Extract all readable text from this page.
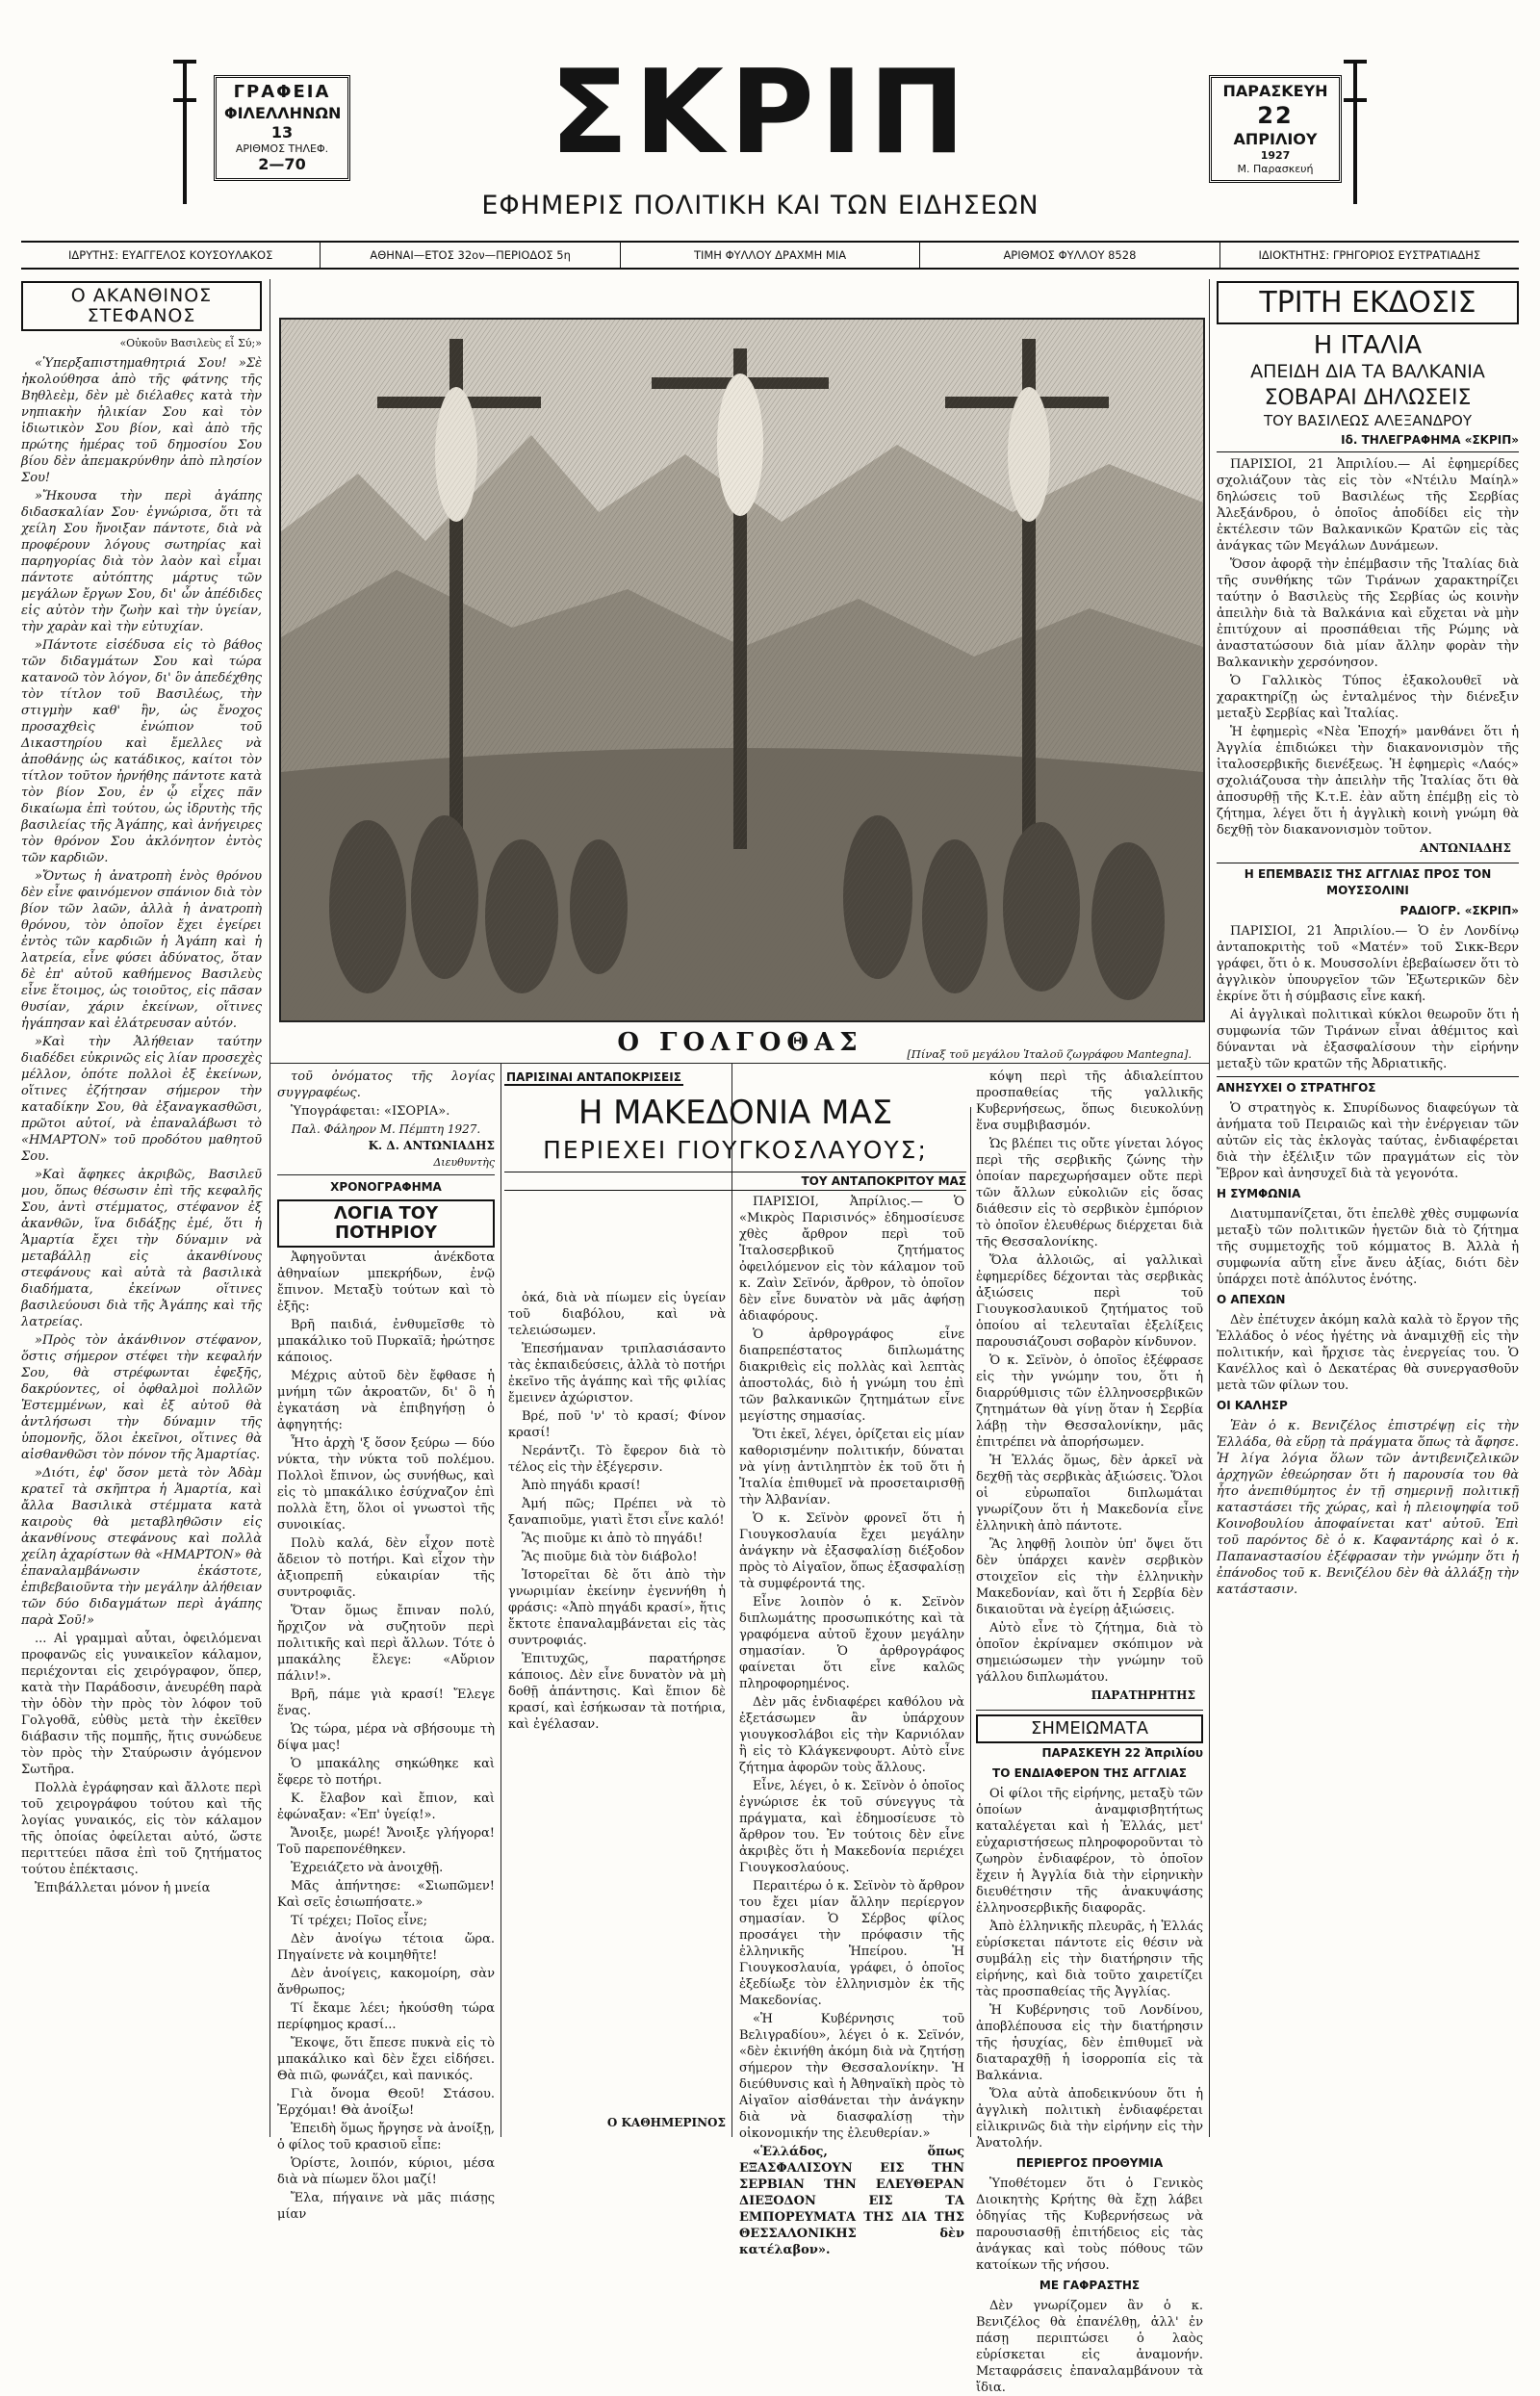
ΓΡΑΦΕΙΑ
ΦΙΛΕΛΛΗΝΩΝ 13
ΑΡΙΘΜΟΣ ΤΗΛΕΦ.
2—70	ΣΚΡΙΠ
ΕΦΗΜΕΡΙΣ ΠΟΛΙΤΙΚΗ ΚΑΙ ΤΩΝ ΕΙΔΗΣΕΩΝ
ΠΑΡΑΣΚΕΥΗ
22
ΑΠΡΙΛΙΟΥ
1927
Μ. Παρασκευή
ΙΔΡΥΤΗΣ: ΕΥΑΓΓΕΛΟΣ ΚΟΥΣΟΥΛΑΚΟΣ	ΑΘΗΝΑΙ—ΕΤΟΣ 32ον—ΠΕΡΙΟΔΟΣ 5η	ΤΙΜΗ ΦΥΛΛΟΥ ΔΡΑΧΜΗ ΜΙΑ	ΑΡΙΘΜΟΣ ΦΥΛΛΟΥ 8528	ΙΔΙΟΚΤΗΤΗΣ: ΓΡΗΓΟΡΙΟΣ ΕΥΣΤΡΑΤΙΑΔΗΣ
Ο ΑΚΑΝΘΙΝΟΣ ΣΤΕΦΑΝΟΣ
«Οὐκοῦν Βασιλεὺς εἶ Σύ;»

«Ὑπερξαπιστημαθητριά Σου! »Σὲ ἠκολούθησα ἀπὸ τῆς φάτνης τῆς Βηθλεὲμ, δὲν μὲ διέλαθες κατὰ τὴν νηπιακὴν ἡλικίαν Σου καὶ τὸν ἰδιωτικὸν Σου βίον, καὶ ἀπὸ τῆς πρώτης ἡμέρας τοῦ δημοσίου Σου βίου δὲν ἀπεμακρύνθην ἀπὸ πλησίον Σου!

»Ἤκουσα τὴν περὶ ἀγάπης διδασκαλίαν Σου· ἐγνώρισα, ὅτι τὰ χείλη Σου ἤνοιξαν πάντοτε, διὰ νὰ προφέρουν λόγους σωτηρίας καὶ παρηγορίας διὰ τὸν λαὸν καὶ εἶμαι πάντοτε αὐτόπτης μάρτυς τῶν μεγάλων ἔργων Σου, δι' ὧν ἀπέδιδες εἰς αὐτὸν τὴν ζωὴν καὶ τὴν ὑγείαν, τὴν χαρὰν καὶ τὴν εὐτυχίαν.

»Πάντοτε εἰσέδυσα εἰς τὸ βάθος τῶν διδαγμάτων Σου καὶ τώρα κατανοῶ τὸν λόγον, δι' ὃν ἀπεδέχθης τὸν τίτλον τοῦ Βασιλέως, τὴν στιγμὴν καθ' ἣν, ὡς ἔνοχος προσαχθεὶς ἐνώπιον τοῦ Δικαστηρίου καὶ ἔμελλες νὰ ἀποθάνῃς ὡς κατάδικος, καίτοι τὸν τίτλον τοῦτον ἠρνήθης πάντοτε κατὰ τὸν βίον Σου, ἐν ᾧ εἶχες πᾶν δικαίωμα ἐπὶ τούτου, ὡς ἱδρυτὴς τῆς βασιλείας τῆς Ἀγάπης, καὶ ἀνήγειρες τὸν θρόνον Σου ἀκλόνητον ἐντὸς τῶν καρδιῶν.

»Ὄντως ἡ ἀνατροπὴ ἑνὸς θρόνου δὲν εἶνε φαινόμενον σπάνιον διὰ τὸν βίον τῶν λαῶν, ἀλλὰ ἡ ἀνατροπὴ θρόνου, τὸν ὁποῖον ἔχει ἐγείρει ἐντὸς τῶν καρδιῶν ἡ Ἀγάπη καὶ ἡ λατρεία, εἶνε φύσει ἀδύνατος, ὅταν δὲ ἐπ' αὐτοῦ καθήμενος Βασιλεὺς εἶνε ἕτοιμος, ὡς τοιοῦτος, εἰς πᾶσαν θυσίαν, χάριν ἐκείνων, οἵτινες ἠγάπησαν καὶ ἐλάτρευσαν αὐτόν.

»Καὶ τὴν Ἀλήθειαν ταύτην διαδέδει εὐκρινῶς εἰς λίαν προσεχὲς μέλλον, ὁπότε πολλοὶ ἐξ ἐκείνων, οἵτινες ἐζήτησαν σήμερον τὴν καταδίκην Σου, θὰ ἐξαναγκασθῶσι, πρῶτοι αὐτοί, νὰ ἐπαναλάβωσι τὸ «ΗΜΑΡΤΟΝ» τοῦ προδότου μαθητοῦ Σου.

»Καὶ ἄφηκες ἀκριβῶς, Βασιλεῦ μου, ὅπως θέσωσιν ἐπὶ τῆς κεφαλῆς Σου, ἀντὶ στέμματος, στέφανον ἐξ ἀκανθῶν, ἵνα διδάξῃς ἐμέ, ὅτι ἡ Ἁμαρτία ἔχει τὴν δύναμιν νὰ μεταβάλλῃ εἰς ἀκανθίνους στεφάνους καὶ αὐτὰ τὰ βασιλικὰ διαδήματα, ἐκείνων οἵτινες βασιλεύουσι διὰ τῆς Ἀγάπης καὶ τῆς λατρείας.

»Πρὸς τὸν ἀκάνθινον στέφανον, ὅστις σήμερον στέφει τὴν κεφαλήν Σου, θὰ στρέφωνται ἐφεξῆς, δακρύοντες, οἱ ὀφθαλμοὶ πολλῶν Ἐστεμμένων, καὶ ἐξ αὐτοῦ θὰ ἀντλήσωσι τὴν δύναμιν τῆς ὑπομονῆς, ὅλοι ἐκεῖνοι, οἵτινες θὰ αἰσθανθῶσι τὸν πόνον τῆς Ἁμαρτίας.

»Διότι, ἐφ' ὅσον μετὰ τὸν Ἀδὰμ κρατεῖ τὰ σκῆπτρα ἡ Ἁμαρτία, καὶ ἄλλα Βασιλικὰ στέμματα κατὰ καιροὺς θὰ μεταβληθῶσιν εἰς ἀκανθίνους στεφάνους καὶ πολλὰ χείλη ἀχαρίστων θὰ «ΗΜΑΡΤΟΝ» θὰ ἐπαναλαμβάνωσιν ἑκάστοτε, ἐπιβεβαιοῦντα τὴν μεγάλην ἀλήθειαν τῶν δύο διδαγμάτων περὶ ἀγάπης παρὰ Σοῦ!»

... Αἱ γραμμαὶ αὗται, ὀφειλόμεναι προφανῶς εἰς γυναικεῖον κάλαμον, περιέχονται εἰς χειρόγραφον, ὅπερ, κατὰ τὴν Παράδοσιν, ἀνευρέθη παρὰ τὴν ὁδὸν τὴν πρὸς τὸν λόφον τοῦ Γολγοθᾶ, εὐθὺς μετὰ τὴν ἐκεῖθεν διάβασιν τῆς πομπῆς, ἥτις συνώδευε τὸν πρὸς τὴν Σταύρωσιν ἀγόμενον Σωτῆρα.

Πολλὰ ἐγράφησαν καὶ ἄλλοτε περὶ τοῦ χειρογράφου τούτου καὶ τῆς λογίας γυναικός, εἰς τὸν κάλαμον τῆς ὁποίας ὀφείλεται αὐτό, ὥστε περιττεύει πᾶσα ἐπὶ τοῦ ζητήματος τούτου ἐπέκτασις.

Ἐπιβάλλεται μόνον ἡ μνεία

Ο ΓΟΛΓΟΘΑΣ	[Πίναξ τοῦ μεγάλου Ἰταλοῦ ζωγράφου Mantegna].

τοῦ ὀνόματος τῆς λογίας συγγραφέως.

Ὑπογράφεται: «ΙΣΟΡΙΑ».

Παλ. Φάληρον Μ. Πέμπτη 1927.
Κ. Δ. ΑΝΤΩΝΙΑΔΗΣ
Διευθυντὴς
ΧΡΟΝΟΓΡΑΦΗΜΑ
ΛΟΓΙΑ ΤΟΥ ΠΟΤΗΡΙΟΥ

Ἀφηγοῦνται ἀνέκδοτα ἀθηναίων μπεκρήδων, ἐνῷ ἔπινον. Μεταξὺ τούτων καὶ τὸ ἑξῆς:

Βρῆ παιδιά, ἐνθυμεῖσθε τὸ μπακάλικο τοῦ Πυρκαϊᾶ; ἠρώτησε κάποιος.

Μέχρις αὐτοῦ δὲν ἔφθασε ἡ μνήμη τῶν ἀκροατῶν, δι' ὃ ἡ ἐγκατάση νὰ ἐπιβηγήσῃ ὁ ἀφηγητής:

Ἦτο ἀρχὴ 'ξ ὅσον ξεύρω — δύο νύκτα, τὴν νύκτα τοῦ πολέμου. Πολλοὶ ἔπινον, ὡς συνήθως, καὶ εἰς τὸ μπακάλικο ἐσύχναζον ἐπὶ πολλὰ ἔτη, ὅλοι οἱ γνωστοὶ τῆς συνοικίας.

Πολὺ καλά, δὲν εἶχον ποτὲ ἄδειον τὸ ποτήρι. Καὶ εἶχον τὴν ἀξιοπρεπῆ εὐκαιρίαν τῆς συντροφιᾶς.

Ὅταν ὅμως ἔπιναν πολύ, ἤρχιζον νὰ συζητοῦν περὶ πολιτικῆς καὶ περὶ ἄλλων. Τότε ὁ μπακάλης ἔλεγε: «Αὔριον πάλιν!».

Βρῆ, πάμε γιὰ κρασί! Ἔλεγε ἕνας.

Ὡς τώρα, μέρα νὰ σβήσουμε τὴ δίψα μας!

Ὁ μπακάλης σηκώθηκε καὶ ἔφερε τὸ ποτήρι.

Κ. ἔλαβον καὶ ἔπιον, καὶ ἐφώναξαν: «Ἐπ' ὑγείᾳ!».

Ἄνοιξε, μωρέ! Ἄνοιξε γλήγορα! Τοῦ παρεπονέθηκεν.

Ἐχρειάζετο νὰ ἀνοιχθῇ.

Μᾶς ἀπήντησε: «Σιωπῶμεν! Καὶ σεῖς ἐσιωπήσατε.»

Τί τρέχει; Ποῖος εἶνε;

Δὲν ἀνοίγω τέτοια ὥρα. Πηγαίνετε νὰ κοιμηθῆτε!

Δὲν ἀνοίγεις, κακομοίρη, σὰν ἄνθρωπος;

Τί ἔκαμε λέει; ἠκούσθη τώρα περίφημος κρασί...

Ἔκοψε, ὅτι ἔπεσε πυκνὰ εἰς τὸ μπακάλικο καὶ δὲν ἔχει εἰδήσει. Θὰ πιῶ, φωνάζει, καὶ πανικός.

Γιὰ ὄνομα Θεοῦ! Στάσου. Ἐρχόμαι! Θὰ ἀνοίξω!

Ἐπειδὴ ὅμως ἤργησε νὰ ἀνοίξῃ, ὁ φίλος τοῦ κρασιοῦ εἶπε:

Ὁρίστε, λοιπόν, κύριοι, μέσα διὰ νὰ πίωμεν ὅλοι μαζί!

Ἔλα, πήγαινε νὰ μᾶς πιάσῃς μίαν

ὀκά, διὰ νὰ πίωμεν εἰς ὑγείαν τοῦ διαβόλου, καὶ νὰ τελειώσωμεν.

Ἐπεσήμαναν τριπλασιάσαντο τὰς ἐκπαιδεύσεις, ἀλλὰ τὸ ποτήρι ἐκεῖνο τῆς ἀγάπης καὶ τῆς φιλίας ἔμεινεν ἀχώριστον.

Βρέ, ποῦ 'ν' τὸ κρασί; Φίνον κρασί!

Νεράντζι. Τὸ ἔφερον διὰ τὸ τέλος εἰς τὴν ἐξέγερσιν.

Ἀπὸ πηγάδι κρασί!

Ἀμή πῶς; Πρέπει νὰ τὸ ξαναπιοῦμε, γιατὶ ἔτσι εἶνε καλό!

Ἂς πιοῦμε κι ἀπὸ τὸ πηγάδι!

Ἂς πιοῦμε διὰ τὸν διάβολο!

Ἰστορεῖται δὲ ὅτι ἀπὸ τὴν γνωριμίαν ἐκείνην ἐγεννήθη ἡ φράσις: «Ἀπὸ πηγάδι κρασί», ἥτις ἔκτοτε ἐπαναλαμβάνεται εἰς τὰς συντροφιάς.

Ἐπιτυχῶς, παρατήρησε κάποιος. Δὲν εἶνε δυνατὸν νὰ μὴ δοθῇ ἀπάντησις. Καὶ ἔπιον δὲ κρασί, καὶ ἐσήκωσαν τὰ ποτήρια, καὶ ἐγέλασαν.

ΠΑΡΙΣΙΝΑΙ ΑΝΤΑΠΟΚΡΙΣΕΙΣ
Η ΜΑΚΕΔΟΝΙΑ ΜΑΣ
ΠΕΡΙΕΧΕΙ ΓΙΟΥΓΚΟΣΛΑΥΟΥΣ;
ΤΟΥ ΑΝΤΑΠΟΚΡΙΤΟΥ ΜΑΣ

ΠΑΡΙΣΙΟΙ, Ἀπρίλιος.— Ὁ «Μικρὸς Παρισινός» ἐδημοσίευσε χθὲς ἄρθρον περὶ τοῦ Ἰταλοσερβικοῦ ζητήματος ὀφειλόμενον εἰς τὸν κάλαμον τοῦ κ. Ζαὶν Σεϊνόν, ἄρθρον, τὸ ὁποῖον δὲν εἶνε δυνατὸν νὰ μᾶς ἀφήσῃ ἀδιαφόρους.

Ὁ ἀρθρογράφος εἶνε διαπρεπέστατος διπλωμάτης διακριθεὶς εἰς πολλὰς καὶ λεπτὰς ἀποστολάς, διὸ ἡ γνώμη του ἐπὶ τῶν βαλκανικῶν ζητημάτων εἶνε μεγίστης σημασίας.

Ὅτι ἐκεῖ, λέγει, ὁρίζεται εἰς μίαν καθορισμένην πολιτικήν, δύναται νὰ γίνῃ ἀντιληπτὸν ἐκ τοῦ ὅτι ἡ Ἰταλία ἐπιθυμεῖ νὰ προσεταιρισθῇ τὴν Ἀλβανίαν.

Ὁ κ. Σεϊνὸν φρονεῖ ὅτι ἡ Γιουγκοσλαυία ἔχει μεγάλην ἀνάγκην νὰ ἐξασφαλίσῃ διέξοδον πρὸς τὸ Αἰγαῖον, ὅπως ἐξασφαλίσῃ τὰ συμφέροντά της.

Εἶνε λοιπὸν ὁ κ. Σεϊνὸν διπλωμάτης προσωπικότης καὶ τὰ γραφόμενα αὐτοῦ ἔχουν μεγάλην σημασίαν. Ὁ ἀρθρογράφος φαίνεται ὅτι εἶνε καλῶς πληροφορημένος.

Δὲν μᾶς ἐνδιαφέρει καθόλου νὰ ἐξετάσωμεν ἂν ὑπάρχουν γιουγκοσλάβοι εἰς τὴν Καρνιόλαν ἢ εἰς τὸ Κλάγκενφουρτ. Αὐτὸ εἶνε ζήτημα ἀφορῶν τοὺς ἄλλους.

Εἶνε, λέγει, ὁ κ. Σεϊνὸν ὁ ὁποῖος ἐγνώρισε ἐκ τοῦ σύνεγγυς τὰ πράγματα, καὶ ἐδημοσίευσε τὸ ἄρθρον του. Ἐν τούτοις δὲν εἶνε ἀκριβὲς ὅτι ἡ Μακεδονία περιέχει Γιουγκοσλαύους.

Περαιτέρω ὁ κ. Σεϊνὸν τὸ ἄρθρον του ἔχει μίαν ἄλλην περίεργον σημασίαν. Ὁ Σέρβος φίλος προσάγει τὴν πρόφασιν τῆς ἐλληνικῆς Ἠπείρου. Ἡ Γιουγκοσλαυία, γράφει, ὁ ὁποῖος ἐξεδίωξε τὸν ἑλληνισμὸν ἐκ τῆς Μακεδονίας.

«Ἡ Κυβέρνησις τοῦ Βελιγραδίου», λέγει ὁ κ. Σεϊνόν, «δὲν ἐκινήθη ἀκόμη διὰ νὰ ζητήσῃ σήμερον τὴν Θεσσαλονίκην. Ἡ διεύθυνσις καὶ ἡ Ἀθηναϊκὴ πρὸς τὸ Αἰγαῖον αἰσθάνεται τὴν ἀνάγκην διὰ νὰ διασφαλίσῃ τὴν οἰκονομικήν της ἐλευθερίαν.»

«Ἑλλάδος, ὅπως ΕΞΑΣΦΑΛΙΣΟΥΝ ΕΙΣ ΤΗΝ ΣΕΡΒΙΑΝ ΤΗΝ ΕΛΕΥΘΕΡΑΝ ΔΙΕΞΟΔΟΝ ΕΙΣ ΤΑ ΕΜΠΟΡΕΥΜΑΤΑ ΤΗΣ ΔΙΑ ΤΗΣ ΘΕΣΣΑΛΟΝΙΚΗΣ δὲν κατέλαβον».

Ο ΚΑΘΗΜΕΡΙΝΟΣ

κόψη περὶ τῆς ἀδιαλείπτου προσπαθείας τῆς γαλλικῆς Κυβερνήσεως, ὅπως διευκολύνῃ ἕνα συμβιβασμόν.

Ὡς βλέπει τις οὔτε γίνεται λόγος περὶ τῆς σερβικῆς ζώνης τὴν ὁποίαν παρεχωρήσαμεν οὔτε περὶ τῶν ἄλλων εὐκολιῶν εἰς ὅσας διάθεσιν εἰς τὸ σερβικὸν ἐμπόριον τὸ ὁποῖον ἐλευθέρως διέρχεται διὰ τῆς Θεσσαλονίκης.

Ὅλα ἀλλοιῶς, αἱ γαλλικαὶ ἐφημερίδες δέχονται τὰς σερβικὰς ἀξιώσεις περὶ τοῦ Γιουγκοσλαυικοῦ ζητήματος τοῦ ὁποίου αἱ τελευταῖαι ἐξελίξεις παρουσιάζουσι σοβαρὸν κίνδυνον.

Ὁ κ. Σεϊνὸν, ὁ ὁποῖος ἐξέφρασε εἰς τὴν γνώμην του, ὅτι ἡ διαρρύθμισις τῶν ἑλληνοσερβικῶν ζητημάτων θὰ γίνῃ ὅταν ἡ Σερβία λάβῃ τὴν Θεσσαλονίκην, μᾶς ἐπιτρέπει νὰ ἀπορήσωμεν.

Ἡ Ἑλλάς ὅμως, δὲν ἀρκεῖ νὰ δεχθῇ τὰς σερβικὰς ἀξιώσεις. Ὅλοι οἱ εὐρωπαῖοι διπλωμάται γνωρίζουν ὅτι ἡ Μακεδονία εἶνε ἑλληνικὴ ἀπὸ πάντοτε.

Ἂς ληφθῇ λοιπὸν ὑπ' ὄψει ὅτι δὲν ὑπάρχει κανὲν σερβικὸν στοιχεῖον εἰς τὴν ἑλληνικὴν Μακεδονίαν, καὶ ὅτι ἡ Σερβία δὲν δικαιοῦται νὰ ἐγείρῃ ἀξιώσεις.

Αὐτὸ εἶνε τὸ ζήτημα, διὰ τὸ ὁποῖον ἐκρίναμεν σκόπιμον νὰ σημειώσωμεν τὴν γνώμην τοῦ γάλλου διπλωμάτου.

ΠΑΡΑΤΗΡΗΤΗΣ
ΣΗΜΕΙΩΜΑΤΑ
ΠΑΡΑΣΚΕΥΗ 22 Ἀπριλίου
ΤΟ ΕΝΔΙΑΦΕΡΟΝ ΤΗΣ ΑΓΓΛΙΑΣ

Οἱ φίλοι τῆς εἰρήνης, μεταξὺ τῶν ὁποίων ἀναμφισβητήτως καταλέγεται καὶ ἡ Ἑλλάς, μετ' εὐχαριστήσεως πληροφοροῦνται τὸ ζωηρὸν ἐνδιαφέρον, τὸ ὁποῖον ἔχειν ἡ Ἀγγλία διὰ τὴν εἰρηνικὴν διευθέτησιν τῆς ἀνακυψάσης ἑλληνοσερβικῆς διαφορᾶς.

Ἀπὸ ἑλληνικῆς πλευρᾶς, ἡ Ἑλλάς εὑρίσκεται πάντοτε εἰς θέσιν νὰ συμβάλῃ εἰς τὴν διατήρησιν τῆς εἰρήνης, καὶ διὰ τοῦτο χαιρετίζει τὰς προσπαθείας τῆς Ἀγγλίας.

Ἡ Κυβέρνησις τοῦ Λονδίνου, ἀποβλέπουσα εἰς τὴν διατήρησιν τῆς ἡσυχίας, δὲν ἐπιθυμεῖ νὰ διαταραχθῇ ἡ ἰσορροπία εἰς τὰ Βαλκάνια.

Ὅλα αὐτὰ ἀποδεικνύουν ὅτι ἡ ἀγγλικὴ πολιτικὴ ἐνδιαφέρεται εἰλικρινῶς διὰ τὴν εἰρήνην εἰς τὴν Ἀνατολήν.

ΠΕΡΙΕΡΓΟΣ ΠΡΟΘΥΜΙΑ

Ὑποθέτομεν ὅτι ὁ Γενικὸς Διοικητὴς Κρήτης θὰ ἔχῃ λάβει ὁδηγίας τῆς Κυβερνήσεως νὰ παρουσιασθῇ ἐπιτήδειος εἰς τὰς ἀνάγκας καὶ τοὺς πόθους τῶν κατοίκων τῆς νήσου.

ΜΕ ΓΑΦΡΑΣΤΗΣ

Δὲν γνωρίζομεν ἂν ὁ κ. Βενιζέλος θὰ ἐπανέλθῃ, ἀλλ' ἐν πάσῃ περιπτώσει ὁ λαὸς εὑρίσκεται εἰς ἀναμονήν. Μεταφράσεις ἐπαναλαμβάνουν τὰ ἴδια.

ΤΡΙΤΗ ΕΚΔΟΣΙΣ
Η ΙΤΑΛΙΑ
ΑΠΕΙΔΗ ΔΙΑ ΤΑ ΒΑΛΚΑΝΙΑ
ΣΟΒΑΡΑΙ ΔΗΛΩΣΕΙΣ
ΤΟΥ ΒΑΣΙΛΕΩΣ ΑΛΕΞΑΝΔΡΟΥ
Ιδ. ΤΗΛΕΓΡΑΦΗΜΑ «ΣΚΡΙΠ»

ΠΑΡΙΣΙΟΙ, 21 Ἀπριλίου.— Αἱ ἐφημερίδες σχολιάζουν τὰς εἰς τὸν «Ντέιλυ Μαίηλ» δηλώσεις τοῦ Βασιλέως τῆς Σερβίας Ἀλεξάνδρου, ὁ ὁποῖος ἀποδίδει εἰς τὴν ἐκτέλεσιν τῶν Βαλκανικῶν Κρατῶν εἰς τὰς ἀνάγκας τῶν Μεγάλων Δυνάμεων.

Ὅσον ἀφορᾷ τὴν ἐπέμβασιν τῆς Ἰταλίας διὰ τῆς συνθήκης τῶν Τιράνων χαρακτηρίζει ταύτην ὁ Βασιλεὺς τῆς Σερβίας ὡς κοινὴν ἀπειλὴν διὰ τὰ Βαλκάνια καὶ εὔχεται νὰ μὴν ἐπιτύχουν αἱ προσπάθειαι τῆς Ρώμης νὰ ἀναστατώσουν διὰ μίαν ἄλλην φορὰν τὴν Βαλκανικὴν χερσόνησον.

Ὁ Γαλλικὸς Τύπος ἐξακολουθεῖ νὰ χαρακτηρίζῃ ὡς ἐνταλμένος τὴν διένεξιν μεταξὺ Σερβίας καὶ Ἰταλίας.

Ἡ ἐφημερὶς «Νὲα Ἐποχή» μανθάνει ὅτι ἡ Ἀγγλία ἐπιδιώκει τὴν διακανονισμὸν τῆς ἰταλοσερβικῆς διενέξεως. Ἡ ἐφημερὶς «Λαός» σχολιάζουσα τὴν ἀπειλὴν τῆς Ἰταλίας ὅτι θὰ ἀποσυρθῇ τῆς Κ.τ.Ε. ἐὰν αὕτη ἐπέμβῃ εἰς τὸ ζήτημα, λέγει ὅτι ἡ ἀγγλικὴ κοινὴ γνώμη θὰ δεχθῇ τὸν διακανονισμὸν τοῦτον.

ΑΝΤΩΝΙΑΔΗΣ
Η ΕΠΕΜΒΑΣΙΣ ΤΗΣ ΑΓΓΛΙΑΣ ΠΡΟΣ ΤΟΝ ΜΟΥΣΣΟΛΙΝΙ
ΡΑΔΙΟΓΡ. «ΣΚΡΙΠ»

ΠΑΡΙΣΙΟΙ, 21 Ἀπριλίου.— Ὁ ἐν Λονδίνῳ ἀνταποκριτὴς τοῦ «Ματέν» τοῦ Σικκ-Βερν γράφει, ὅτι ὁ κ. Μουσσολίνι ἐβεβαίωσεν ὅτι τὸ ἀγγλικὸν ὑπουργεῖον τῶν Ἐξωτερικῶν δὲν ἐκρίνε ὅτι ἡ σύμβασις εἶνε κακή.

Αἱ ἀγγλικαὶ πολιτικαὶ κύκλοι θεωροῦν ὅτι ἡ συμφωνία τῶν Τιράνων εἶναι ἀθέμιτος καὶ δύνανται νὰ ἐξασφαλίσουν τὴν εἰρήνην μεταξὺ τῶν κρατῶν τῆς Ἀδριατικῆς.

ΑΝΗΣΥΧΕΙ Ο ΣΤΡΑΤΗΓΟΣ

Ὁ στρατηγὸς κ. Σπυρίδωνος διαφεύγων τὰ ἀνήματα τοῦ Πειραιῶς καὶ τὴν ἐνέργειαν τῶν αὐτῶν εἰς τὰς ἐκλογὰς ταύτας, ἐνδιαφέρεται διὰ τὴν ἐξέλιξιν τῶν πραγμάτων εἰς τὸν Ἔβρον καὶ ἀνησυχεῖ διὰ τὰ γεγονότα.

Η ΣΥΜΦΩΝΙΑ

Διατυμπανίζεται, ὅτι ἐπελθὲ χθὲς συμφωνία μεταξὺ τῶν πολιτικῶν ἡγετῶν διὰ τὸ ζήτημα τῆς συμμετοχῆς τοῦ κόμματος Β. Ἀλλὰ ἡ συμφωνία αὕτη εἶνε ἄνευ ἀξίας, διότι δὲν ὑπάρχει ποτὲ ἀπόλυτος ἑνότης.

Ο ΑΠΕΧΩΝ

Δὲν ἐπέτυχεν ἀκόμη καλὰ καλὰ τὸ ἔργον τῆς Ἑλλάδος ὁ νέος ἡγέτης νὰ ἀναμιχθῇ εἰς τὴν πολιτικήν, καὶ ἤρχισε τὰς ἐνεργείας του. Ὁ Κανέλλος καὶ ὁ Δεκατέρας θὰ συνεργασθοῦν μετὰ τῶν φίλων του.

ΟΙ ΚΑΛΗΣΡ

Ἐὰν ὁ κ. Βενιζέλος ἐπιστρέψῃ εἰς τὴν Ἑλλάδα, θὰ εὕρῃ τὰ πράγματα ὅπως τὰ ἄφησε. Ἡ λίγα λόγια ὅλων τῶν ἀντιβενιζελικῶν ἀρχηγῶν ἐθεώρησαν ὅτι ἡ παρουσία του θὰ ἦτο ἀνεπιθύμητος ἐν τῇ σημερινῇ πολιτικῇ καταστάσει τῆς χώρας, καὶ ἡ πλειοψηφία τοῦ Κοινοβουλίου ἀποφαίνεται κατ' αὐτοῦ. Ἐπὶ τοῦ παρόντος δὲ ὁ κ. Καφαντάρης καὶ ὁ κ. Παπαναστασίου ἐξέφρασαν τὴν γνώμην ὅτι ἡ ἐπάνοδος τοῦ κ. Βενιζέλου δὲν θὰ ἀλλάξῃ τὴν κατάστασιν.
